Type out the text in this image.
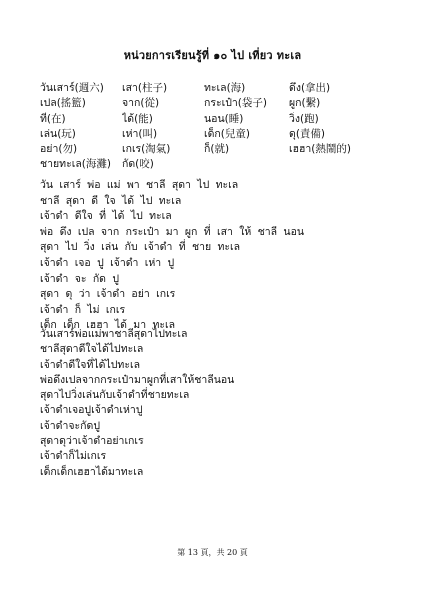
หน่วยการเรียนรู้ที่ ๑๐ ไป เที่ยว ทะเล
วันเสาร์(週六)	เสา(柱子)	ทะเล(海)	ดึง(拿出)
เปล(搖籃)	จาก(從)	กระเป๋า(袋子)	ผูก(繫)
ที่(在)	ได้(能)	นอน(睡)	วิ่ง(跑)
เล่น(玩)	เห่า(叫)	เด็ก(兒童)	ดุ(責備)
อย่า(勿)	เกเร(淘氣)	ก็(就)	เฮฮา(熱鬧的)
ชายทะเล(海灘)	กัด(咬)
วัน เสาร์ พ่อ แม่ พา ชาลี สุดา ไป ทะเล
ชาลี สุดา ดี ใจ ได้ ไป ทะเล
เจ้าดำ ดีใจ ที่ ได้ ไป ทะเล
พ่อ ดึง เปล จาก กระเป๋า มา ผูก ที่ เสา ให้ ชาลี นอน
สุดา ไป วิ่ง เล่น กับ เจ้าดำ ที่ ชาย ทะเล
เจ้าดำ เจอ ปู เจ้าดำ เห่า ปู
เจ้าดำ จะ กัด ปู
สุดา ดุ ว่า เจ้าดำ อย่า เกเร
เจ้าดำ ก็ ไม่ เกเร
เด็ก เด็ก เฮฮา ได้ มา ทะเล
วันเสาร์พ่อแม่พาชาลีสุดาไปทะเล
ชาลีสุดาดีใจได้ไปทะเล
เจ้าดำดีใจที่ได้ไปทะเล
พ่อดึงเปลจากกระเป๋ามาผูกที่เสาให้ชาลีนอน
สุดาไปวิ่งเล่นกับเจ้าดำที่ชายทะเล
เจ้าดำเจอปูเจ้าดำเห่าปู
เจ้าดำจะกัดปู
สุดาดุว่าเจ้าดำอย่าเกเร
เจ้าดำก็ไม่เกเร
เด็กเด็กเฮฮาได้มาทะเล
第 13 頁，共 20 頁
